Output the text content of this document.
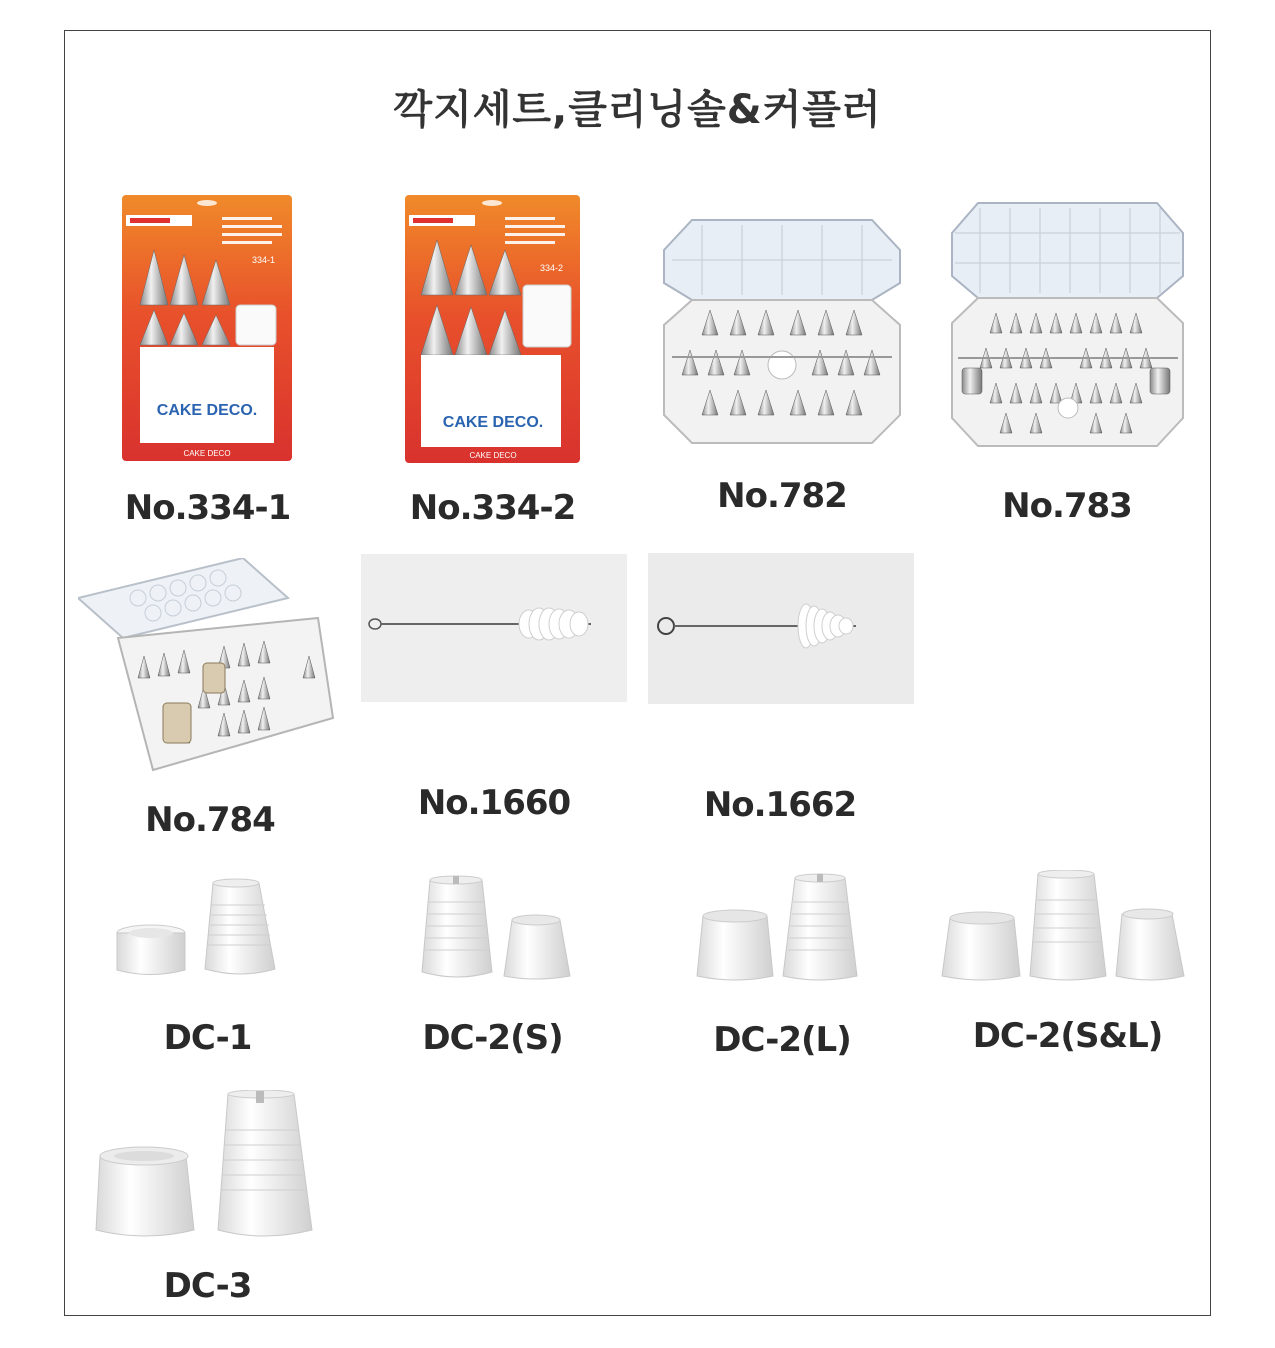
깍지세트,클리닝솔&커플러
334-1
CAKE DECO.
CAKE DECO
No.334-1
334-2
CAKE DECO.
CAKE DECO
No.334-2	No.782	No.783
No.784	No.1660	No.1662
DC-1	DC-2(S)	DC-2(L)	DC-2(S&L)
DC-3
